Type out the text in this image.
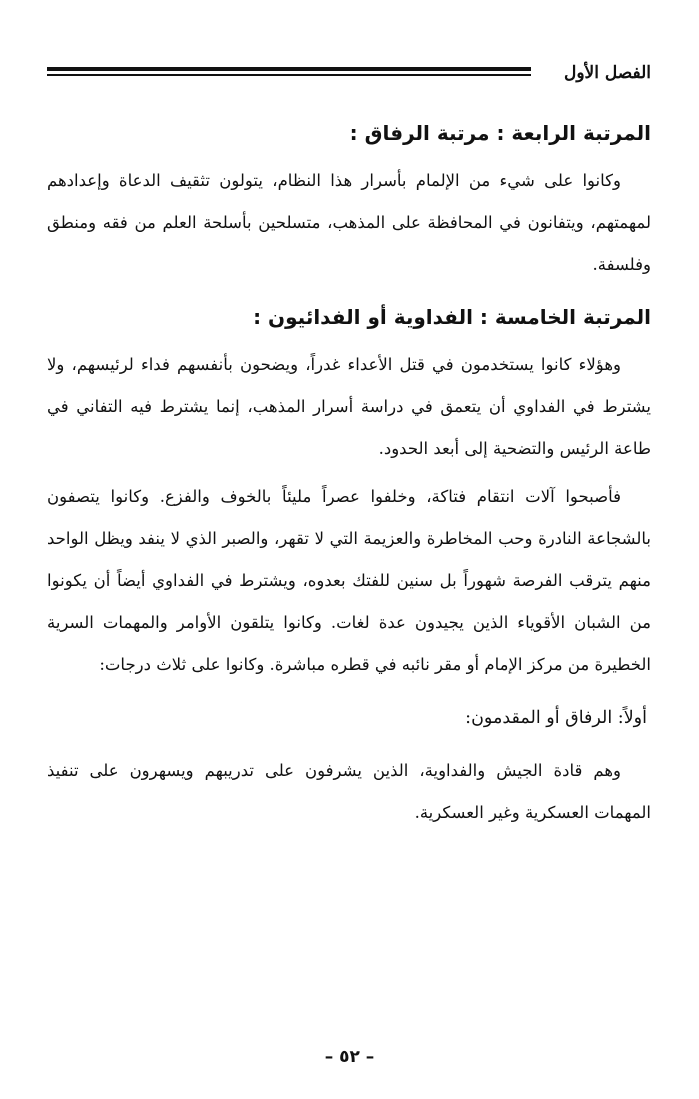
الفصل الأول
المرتبة الرابعة : مرتبة الرفاق :

وكانوا على شيء من الإلمام بأسرار هذا النظام، يتولون تثقيف الدعاة وإعدادهم لمهمتهم، ويتفانون في المحافظة على المذهب، متسلحين بأسلحة العلم من فقه ومنطق وفلسفة.

المرتبة الخامسة : الفداوية أو الفدائيون :

وهؤلاء كانوا يستخدمون في قتل الأعداء غدراً، ويضحون بأنفسهم فداء لرئيسهم، ولا يشترط في الفداوي أن يتعمق في دراسة أسرار المذهب، إنما يشترط فيه التفاني في طاعة الرئيس والتضحية إلى أبعد الحدود.

فأصبحوا آلات انتقام فتاكة، وخلفوا عصراً مليئاً بالخوف والفزع. وكانوا يتصفون بالشجاعة النادرة وحب المخاطرة والعزيمة التي لا تقهر، والصبر الذي لا ينفد ويظل الواحد منهم يترقب الفرصة شهوراً بل سنين للفتك بعدوه، ويشترط في الفداوي أيضاً أن يكونوا من الشبان الأقوياء الذين يجيدون عدة لغات. وكانوا يتلقون الأوامر والمهمات السرية الخطيرة من مركز الإمام أو مقر نائبه في قطره مباشرة. وكانوا على ثلاث درجات:

أولاً: الرفاق أو المقدمون:

وهم قادة الجيش والفداوية، الذين يشرفون على تدريبهم ويسهرون على تنفيذ المهمات العسكرية وغير العسكرية.

– ٥٢ –
